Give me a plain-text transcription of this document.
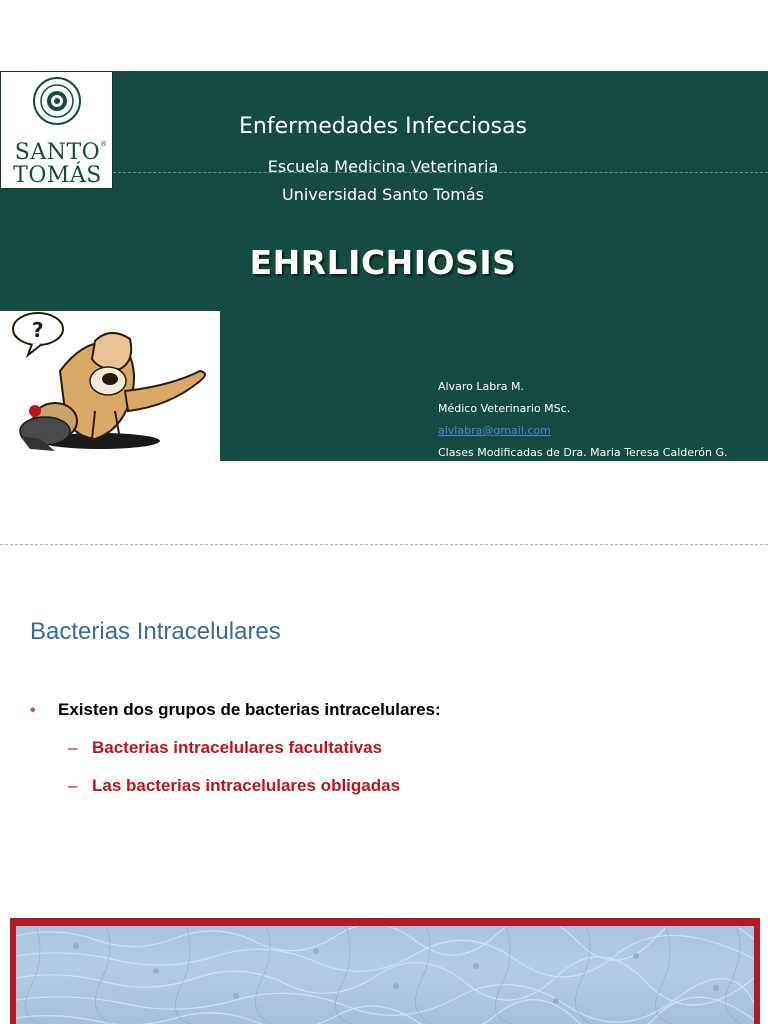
SANTO ®
TOMÁS
Enfermedades Infecciosas
Escuela Medicina Veterinaria
Universidad Santo Tomás
EHRLICHIOSIS
?
Alvaro Labra M.
Médico Veterinario MSc.
alvlabra@gmail.com
Clases Modificadas de Dra. Maria Teresa Calderón G.
Bacterias Intracelulares
• Existen dos grupos de bacterias intracelulares:
– Bacterias intracelulares facultativas
– Las bacterias intracelulares obligadas
